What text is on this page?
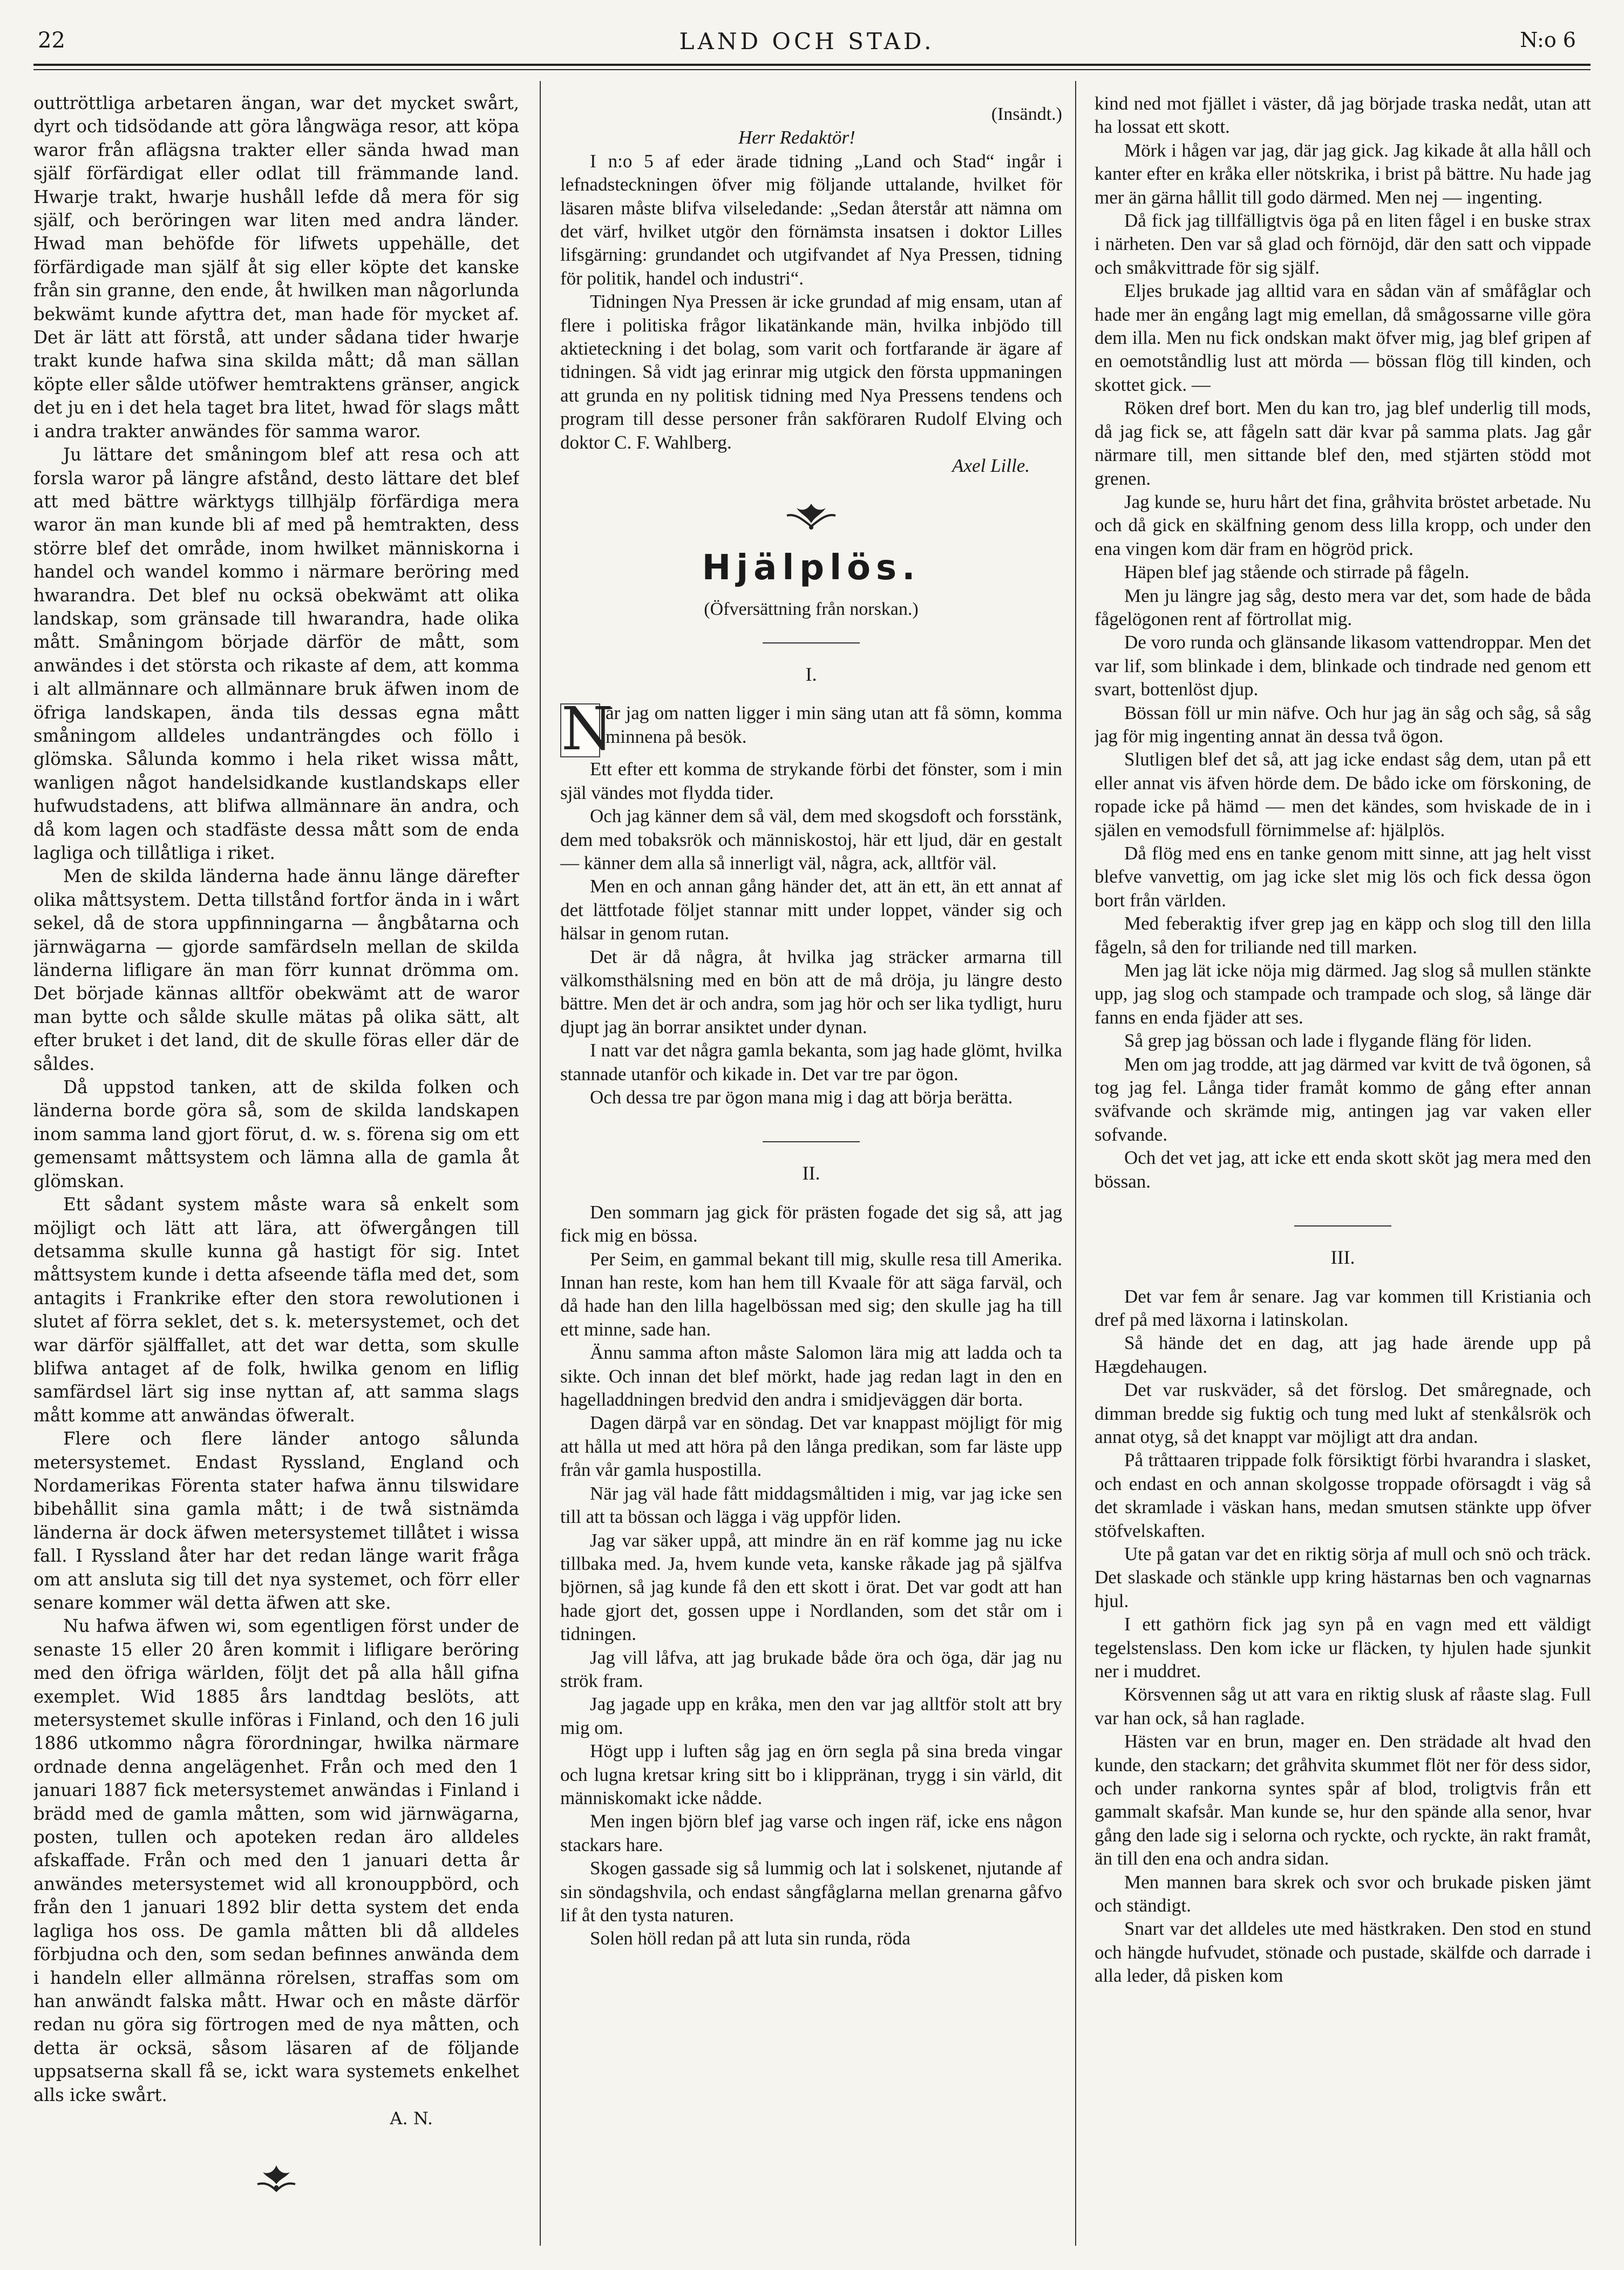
22	LAND OCH STAD.	N:o 6

outtröttliga arbetaren ängan, war det mycket swårt, dyrt och tidsödande att göra långwäga resor, att köpa waror från aflägsna trakter eller sända hwad man själf förfärdigat eller odlat till främmande land. Hwarje trakt, hwarje hushåll lefde då mera för sig själf, och beröringen war liten med andra länder. Hwad man behöfde för lifwets uppehälle, det förfärdigade man själf åt sig eller köpte det kanske från sin granne, den ende, åt hwilken man någorlunda bekwämt kunde afyttra det, man hade för mycket af. Det är lätt att förstå, att under sådana tider hwarje trakt kunde hafwa sina skilda mått; då man sällan köpte eller sålde utöfwer hemtraktens gränser, angick det ju en i det hela taget bra litet, hwad för slags mått i andra trakter anwändes för samma waror.

Ju lättare det småningom blef att resa och att forsla waror på längre afstånd, desto lättare det blef att med bättre wärktygs tillhjälp förfärdiga mera waror än man kunde bli af med på hemtrakten, dess större blef det område, inom hwilket människorna i handel och wandel kommo i närmare beröring med hwarandra. Det blef nu ocksä obekwämt att olika landskap, som gränsade till hwarandra, hade olika mått. Småningom började därför de mått, som anwändes i det största och rikaste af dem, att komma i alt allmännare och allmännare bruk äfwen inom de öfriga landskapen, ända tils dessas egna mått småningom alldeles undanträngdes och föllo i glömska. Sålunda kommo i hela riket wissa mått, wanligen något handelsidkande kustlandskaps eller hufwudstadens, att blifwa allmännare än andra, och då kom lagen och stadfäste dessa mått som de enda lagliga och tillåtliga i riket.

Men de skilda länderna hade ännu länge därefter olika måttsystem. Detta tillstånd fortfor ända in i wårt sekel, då de stora uppfinningarna — ångbåtarna och järnwägarna — gjorde samfärdseln mellan de skilda länderna lifligare än man förr kunnat drömma om. Det började kännas alltför obekwämt att de waror man bytte och sålde skulle mätas på olika sätt, alt efter bruket i det land, dit de skulle föras eller där de såldes.

Då uppstod tanken, att de skilda folken och länderna borde göra så, som de skilda landskapen inom samma land gjort förut, d. w. s. förena sig om ett gemensamt måttsystem och lämna alla de gamla åt glömskan.

Ett sådant system måste wara så enkelt som möjligt och lätt att lära, att öfwergången till detsamma skulle kunna gå hastigt för sig. Intet måttsystem kunde i detta afseende täfla med det, som antagits i Frankrike efter den stora rewolutionen i slutet af förra seklet, det s. k. metersystemet, och det war därför själffallet, att det war detta, som skulle blifwa antaget af de folk, hwilka genom en liflig samfärdsel lärt sig inse nyttan af, att samma slags mått komme att anwändas öfweralt.

Flere och flere länder antogo sålunda metersystemet. Endast Ryssland, England och Nordamerikas Förenta stater hafwa ännu tilswidare bibehållit sina gamla mått; i de twå sistnämda länderna är dock äfwen metersystemet tillåtet i wissa fall. I Ryssland åter har det redan länge warit fråga om att ansluta sig till det nya systemet, och förr eller senare kommer wäl detta äfwen att ske.

Nu hafwa äfwen wi, som egentligen först under de senaste 15 eller 20 åren kommit i lifligare beröring med den öfriga wärlden, följt det på alla håll gifna exemplet. Wid 1885 års landtdag beslöts, att metersystemet skulle införas i Finland, och den 16 juli 1886 utkommo några förordningar, hwilka närmare ordnade denna angelägenhet. Från och med den 1 januari 1887 fick metersystemet anwändas i Finland i brädd med de gamla måtten, som wid järnwägarna, posten, tullen och apoteken redan äro alldeles afskaffade. Från och med den 1 januari detta år anwändes metersystemet wid all kronouppbörd, och från den 1 januari 1892 blir detta system det enda lagliga hos oss. De gamla måtten bli då alldeles förbjudna och den, som sedan befinnes anwända dem i handeln eller allmänna rörelsen, straffas som om han anwändt falska mått. Hwar och en måste därför redan nu göra sig förtrogen med de nya måtten, och detta är ocksä, såsom läsaren af de följande uppsatserna skall få se, ickt wara systemets enkelhet alls icke swårt.

A. N.
(Insändt.)
Herr Redaktör!

I n:o 5 af eder ärade tidning „Land och Stad“ ingår i lefnadsteckningen öfver mig följande uttalande, hvilket för läsaren måste blifva vilseledande: „Sedan återstår att nämna om det värf, hvilket utgör den förnämsta insatsen i doktor Lilles lifsgärning: grundandet och utgifvandet af Nya Pressen, tidning för politik, handel och industri“.

Tidningen Nya Pressen är icke grundad af mig ensam, utan af flere i politiska frågor likatänkande män, hvilka inbjödo till aktieteckning i det bolag, som varit och fortfarande är ägare af tidningen. Så vidt jag erinrar mig utgick den första uppmaningen att grunda en ny politisk tidning med Nya Pressens tendens och program till desse personer från sakföraren Rudolf Elving och doktor C. F. Wahlberg.

Axel Lille.
Hjälplös.
(Öfversättning från norskan.)
I.
N

är jag om natten ligger i min säng utan att få sömn, komma minnena på besök.

Ett efter ett komma de strykande förbi det fönster, som i min själ vändes mot flydda tider.

Och jag känner dem så väl, dem med skogsdoft och forsstänk, dem med tobaksrök och människostoj, här ett ljud, där en gestalt — känner dem alla så innerligt väl, några, ack, alltför väl.

Men en och annan gång händer det, att än ett, än ett annat af det lättfotade följet stannar mitt under loppet, vänder sig och hälsar in genom rutan.

Det är då några, åt hvilka jag sträcker armarna till välkomsthälsning med en bön att de må dröja, ju längre desto bättre. Men det är och andra, som jag hör och ser lika tydligt, huru djupt jag än borrar ansiktet under dynan.

I natt var det några gamla bekanta, som jag hade glömt, hvilka stannade utanför och kikade in. Det var tre par ögon.

Och dessa tre par ögon mana mig i dag att börja berätta.

II.

Den sommarn jag gick för prästen fogade det sig så, att jag fick mig en bössa.

Per Seim, en gammal bekant till mig, skulle resa till Amerika. Innan han reste, kom han hem till Kvaale för att säga farväl, och då hade han den lilla hagelbössan med sig; den skulle jag ha till ett minne, sade han.

Ännu samma afton måste Salomon lära mig att ladda och ta sikte. Och innan det blef mörkt, hade jag redan lagt in den en hagelladdningen bredvid den andra i smidjeväggen där borta.

Dagen därpå var en söndag. Det var knappast möjligt för mig att hålla ut med att höra på den långa predikan, som far läste upp från vår gamla huspostilla.

När jag väl hade fått middagsmåltiden i mig, var jag icke sen till att ta bössan och lägga i väg uppför liden.

Jag var säker uppå, att mindre än en räf komme jag nu icke tillbaka med. Ja, hvem kunde veta, kanske råkade jag på själfva björnen, så jag kunde få den ett skott i örat. Det var godt att han hade gjort det, gossen uppe i Nordlanden, som det står om i tidningen.

Jag vill låfva, att jag brukade både öra och öga, där jag nu strök fram.

Jag jagade upp en kråka, men den var jag alltför stolt att bry mig om.

Högt upp i luften såg jag en örn segla på sina breda vingar och lugna kretsar kring sitt bo i klippränan, trygg i sin värld, dit människomakt icke nådde.

Men ingen björn blef jag varse och ingen räf, icke ens någon stackars hare.

Skogen gassade sig så lummig och lat i solskenet, njutande af sin söndagshvila, och endast sångfåglarna mellan grenarna gåfvo lif åt den tysta naturen.

Solen höll redan på att luta sin runda, röda

kind ned mot fjället i väster, då jag började traska nedåt, utan att ha lossat ett skott.

Mörk i hågen var jag, där jag gick. Jag kikade åt alla håll och kanter efter en kråka eller nötskrika, i brist på bättre. Nu hade jag mer än gärna hållit till godo därmed. Men nej — ingenting.

Då fick jag tillfälligtvis öga på en liten fågel i en buske strax i närheten. Den var så glad och förnöjd, där den satt och vippade och småkvittrade för sig själf.

Eljes brukade jag alltid vara en sådan vän af småfåglar och hade mer än engång lagt mig emellan, då smågossarne ville göra dem illa. Men nu fick ondskan makt öfver mig, jag blef gripen af en oemotståndlig lust att mörda — bössan flög till kinden, och skottet gick. —

Röken dref bort. Men du kan tro, jag blef underlig till mods, då jag fick se, att fågeln satt där kvar på samma plats. Jag går närmare till, men sittande blef den, med stjärten stödd mot grenen.

Jag kunde se, huru hårt det fina, gråhvita bröstet arbetade. Nu och då gick en skälfning genom dess lilla kropp, och under den ena vingen kom där fram en högröd prick.

Häpen blef jag stående och stirrade på fågeln.

Men ju längre jag såg, desto mera var det, som hade de båda fågelögonen rent af förtrollat mig.

De voro runda och glänsande likasom vattendroppar. Men det var lif, som blinkade i dem, blinkade och tindrade ned genom ett svart, bottenlöst djup.

Bössan föll ur min näfve. Och hur jag än såg och såg, så såg jag för mig ingenting annat än dessa två ögon.

Slutligen blef det så, att jag icke endast såg dem, utan på ett eller annat vis äfven hörde dem. De bådo icke om förskoning, de ropade icke på hämd — men det kändes, som hviskade de in i själen en vemodsfull förnimmelse af: hjälplös.

Då flög med ens en tanke genom mitt sinne, att jag helt visst blefve vanvettig, om jag icke slet mig lös och fick dessa ögon bort från världen.

Med feberaktig ifver grep jag en käpp och slog till den lilla fågeln, så den for triliande ned till marken.

Men jag lät icke nöja mig därmed. Jag slog så mullen stänkte upp, jag slog och stampade och trampade och slog, så länge där fanns en enda fjäder att ses.

Så grep jag bössan och lade i flygande fläng för liden.

Men om jag trodde, att jag därmed var kvitt de två ögonen, så tog jag fel. Långa tider framåt kommo de gång efter annan sväfvande och skrämde mig, antingen jag var vaken eller sofvande.

Och det vet jag, att icke ett enda skott sköt jag mera med den bössan.

III.

Det var fem år senare. Jag var kommen till Kristiania och dref på med läxorna i latinskolan.

Så hände det en dag, att jag hade ärende upp på Hægdehaugen.

Det var ruskväder, så det förslog. Det småregnade, och dimman bredde sig fuktig och tung med lukt af stenkålsrök och annat otyg, så det knappt var möjligt att dra andan.

På tråttaaren trippade folk försiktigt förbi hvarandra i slasket, och endast en och annan skolgosse troppade oförsagdt i väg så det skramlade i väskan hans, medan smutsen stänkte upp öfver stöfvelskaften.

Ute på gatan var det en riktig sörja af mull och snö och träck. Det slaskade och stänkle upp kring hästarnas ben och vagnarnas hjul.

I ett gathörn fick jag syn på en vagn med ett väldigt tegelstenslass. Den kom icke ur fläcken, ty hjulen hade sjunkit ner i muddret.

Körsvennen såg ut att vara en riktig slusk af råaste slag. Full var han ock, så han raglade.

Hästen var en brun, mager en. Den strädade alt hvad den kunde, den stackarn; det gråhvita skummet flöt ner för dess sidor, och under rankorna syntes spår af blod, troligtvis från ett gammalt skafsår. Man kunde se, hur den spände alla senor, hvar gång den lade sig i selorna och ryckte, och ryckte, än rakt framåt, än till den ena och andra sidan.

Men mannen bara skrek och svor och brukade pisken jämt och ständigt.

Snart var det alldeles ute med hästkraken. Den stod en stund och hängde hufvudet, stönade och pustade, skälfde och darrade i alla leder, då pisken kom
